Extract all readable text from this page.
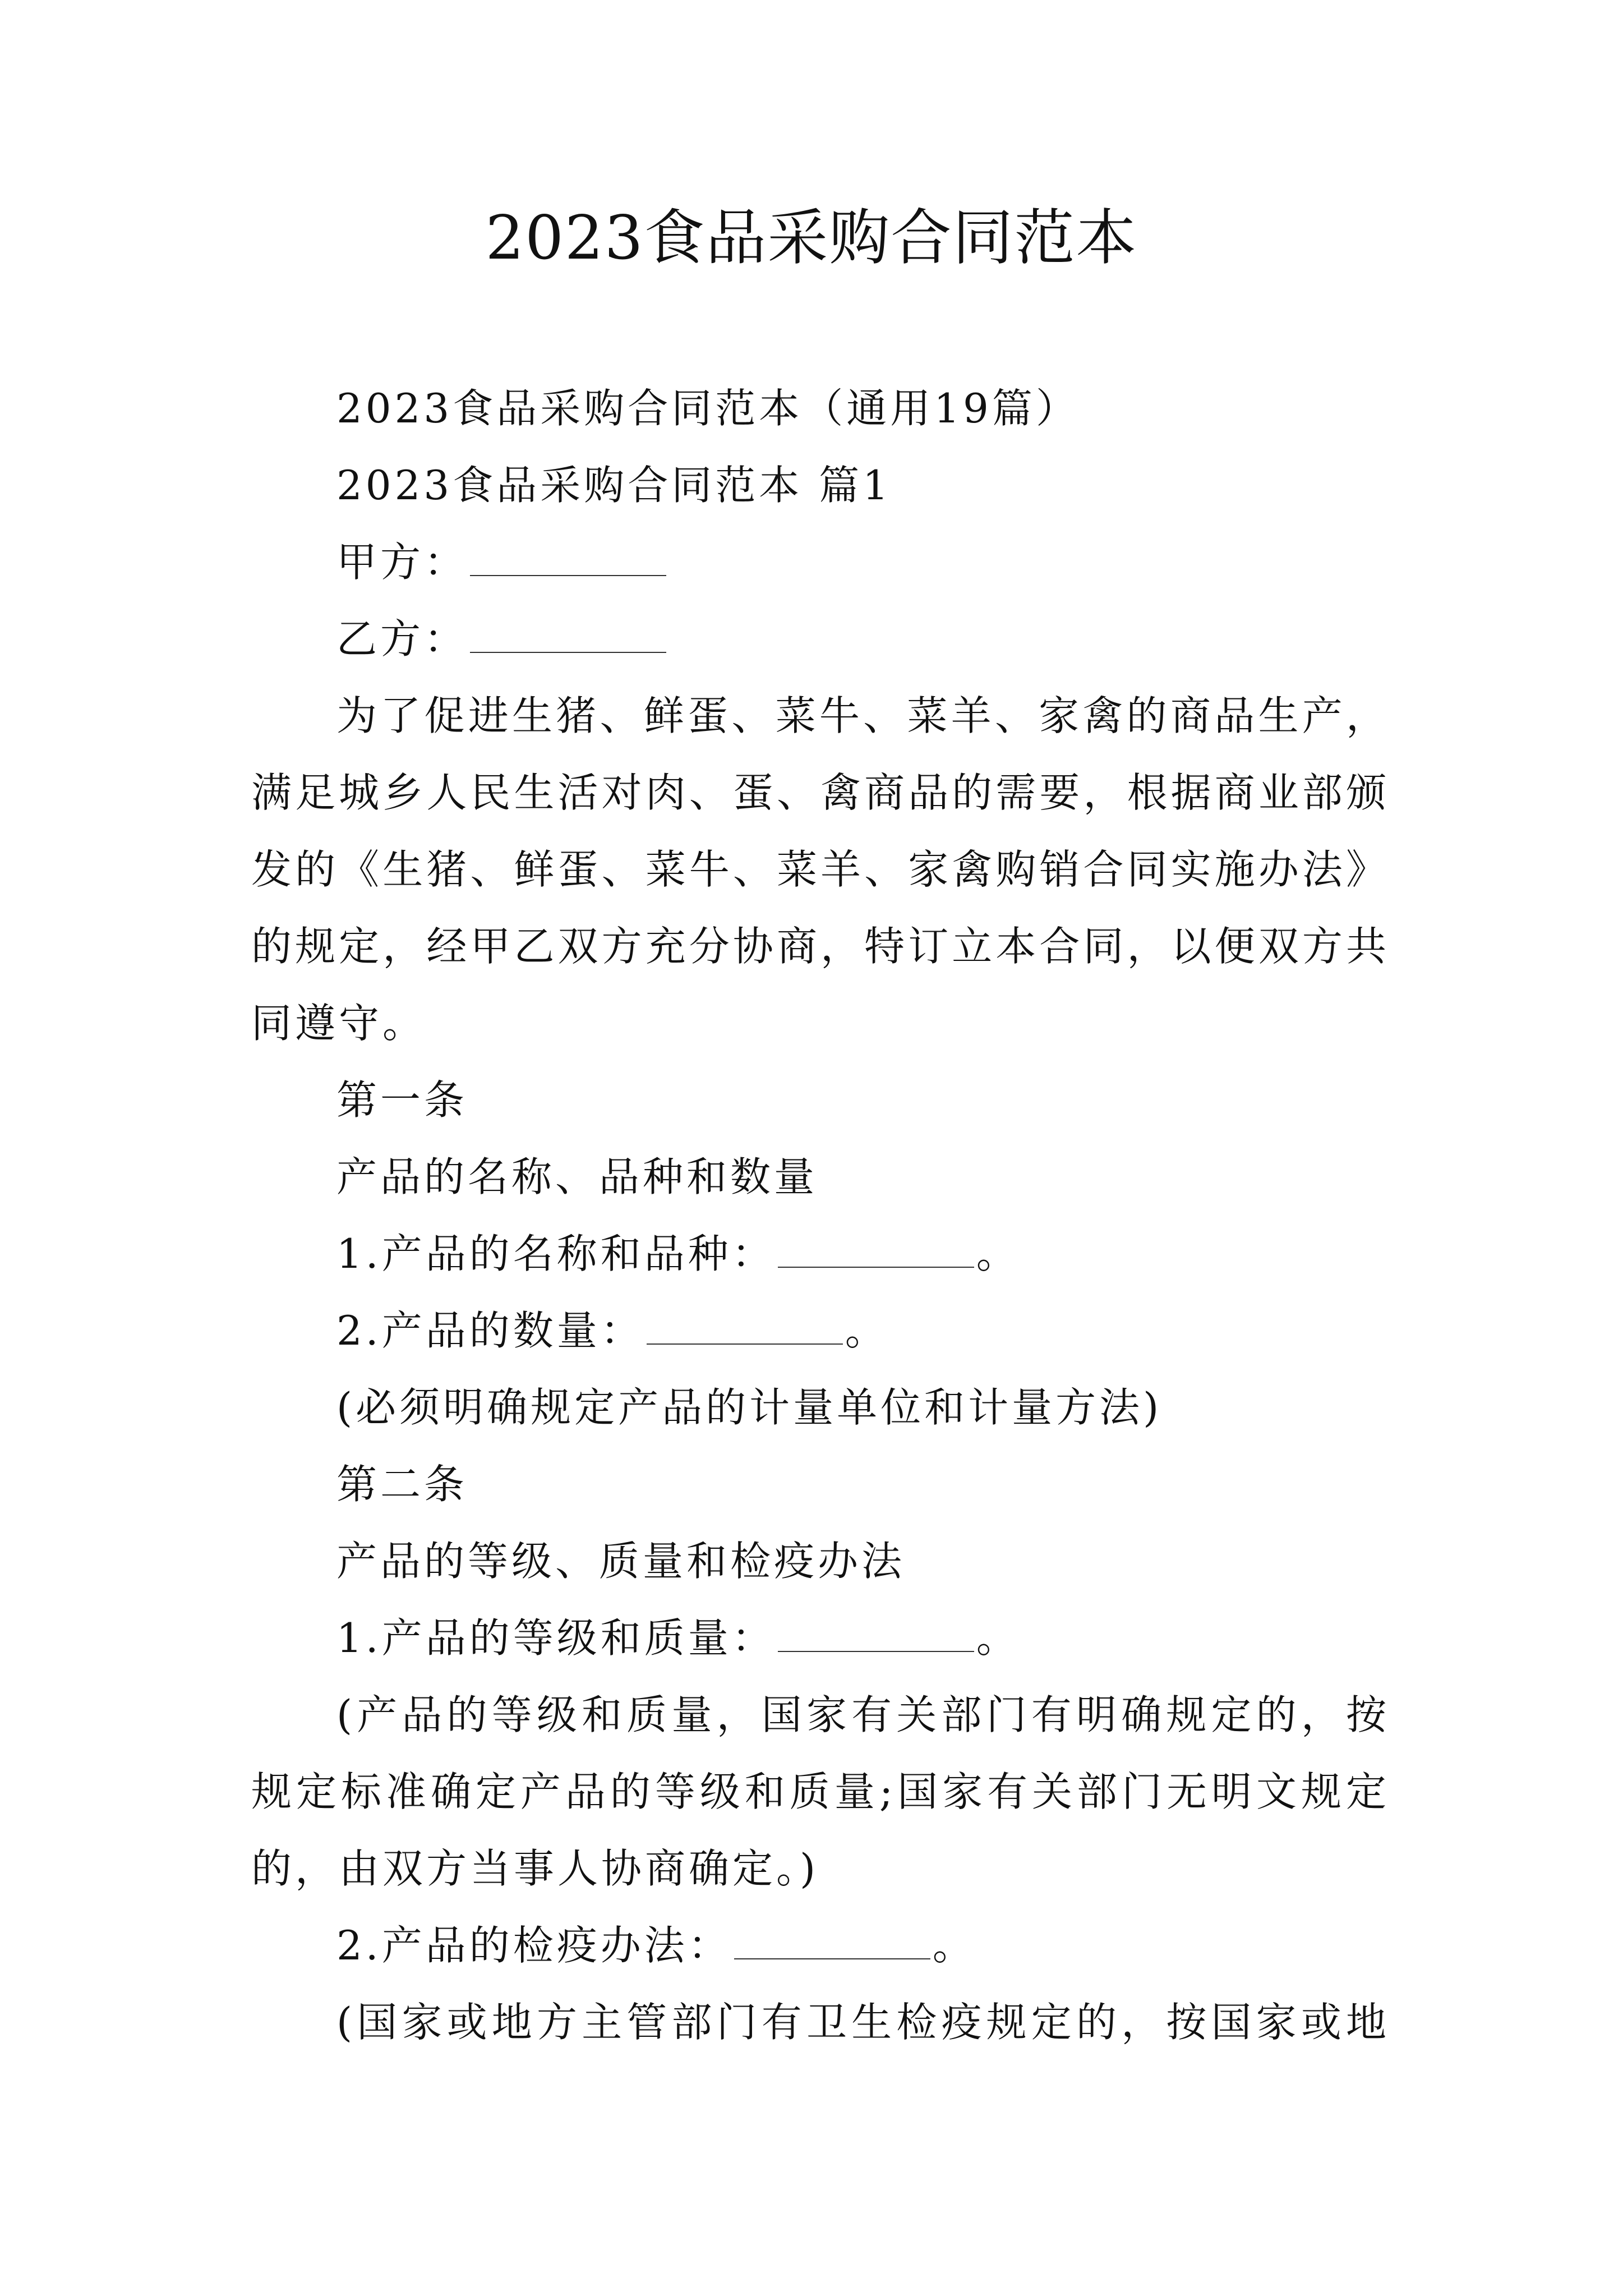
2023食品采购合同范本

2023食品采购合同范本（通用19篇）

2023食品采购合同范本 篇1

甲方：

乙方：

为了促进生猪、鲜蛋、菜牛、菜羊、家禽的商品生产，

满足城乡人民生活对肉、蛋、禽商品的需要，根据商业部颁

发的《生猪、鲜蛋、菜牛、菜羊、家禽购销合同实施办法》

的规定，经甲乙双方充分协商，特订立本合同，以便双方共

同遵守。

第一条

产品的名称、品种和数量

1.产品的名称和品种：	。

2.产品的数量：	。

(必须明确规定产品的计量单位和计量方法)

第二条

产品的等级、质量和检疫办法

1.产品的等级和质量：	。

(产品的等级和质量，国家有关部门有明确规定的，按

规定标准确定产品的等级和质量;国家有关部门无明文规定

的，由双方当事人协商确定。)

2.产品的检疫办法：	。

(国家或地方主管部门有卫生检疫规定的，按国家或地
